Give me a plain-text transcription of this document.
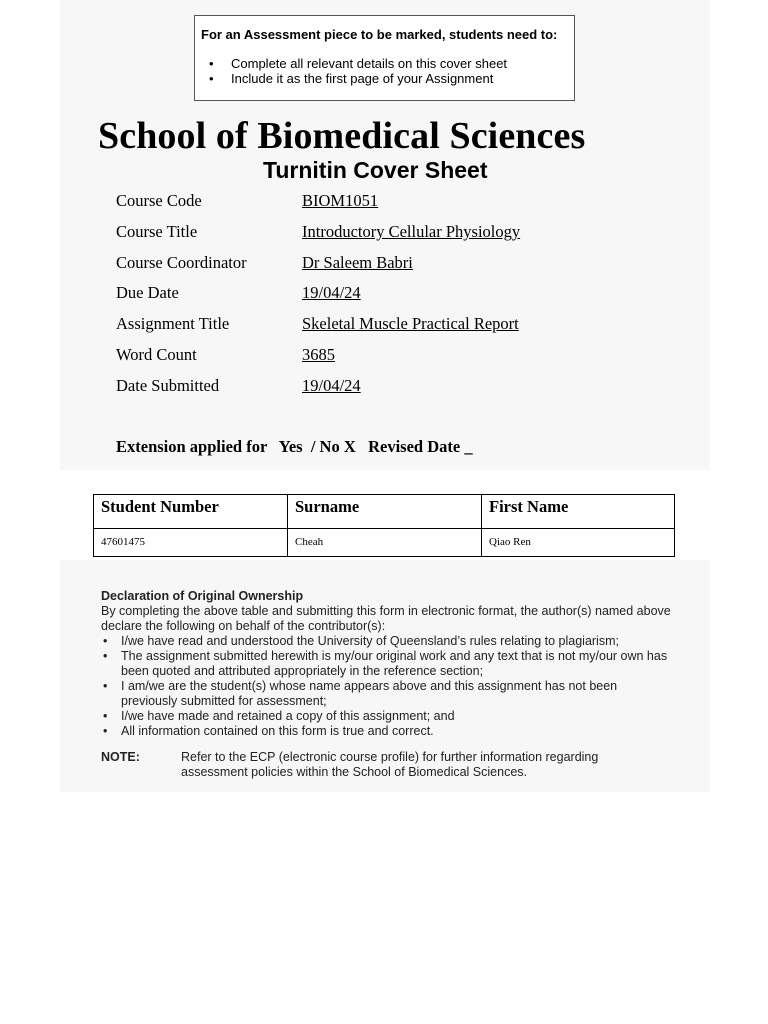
For an Assessment piece to be marked, students need to:
• Complete all relevant details on this cover sheet
• Include it as the first page of your Assignment
School of Biomedical Sciences
Turnitin Cover Sheet
Course Code	BIOM1051
Course Title	Introductory Cellular Physiology
Course Coordinator	Dr Saleem Babri
Due Date	19/04/24
Assignment Title	Skeletal Muscle Practical Report
Word Count	3685
Date Submitted	19/04/24
Extension applied for   Yes  / No X   Revised Date _
Student Number	Surname	First Name
47601475	Cheah	Qiao Ren
Declaration of Original Ownership
By completing the above table and submitting this form in electronic format, the author(s) named above declare the following on behalf of the contributor(s):
• I/we have read and understood the University of Queensland’s rules relating to plagiarism;
• The assignment submitted herewith is my/our original work and any text that is not my/our own has been quoted and attributed appropriately in the reference section;
• I am/we are the student(s) whose name appears above and this assignment has not been previously submitted for assessment;
• I/we have made and retained a copy of this assignment; and
• All information contained on this form is true and correct.
NOTE:	Refer to the ECP (electronic course profile) for further information regarding assessment policies within the School of Biomedical Sciences.
